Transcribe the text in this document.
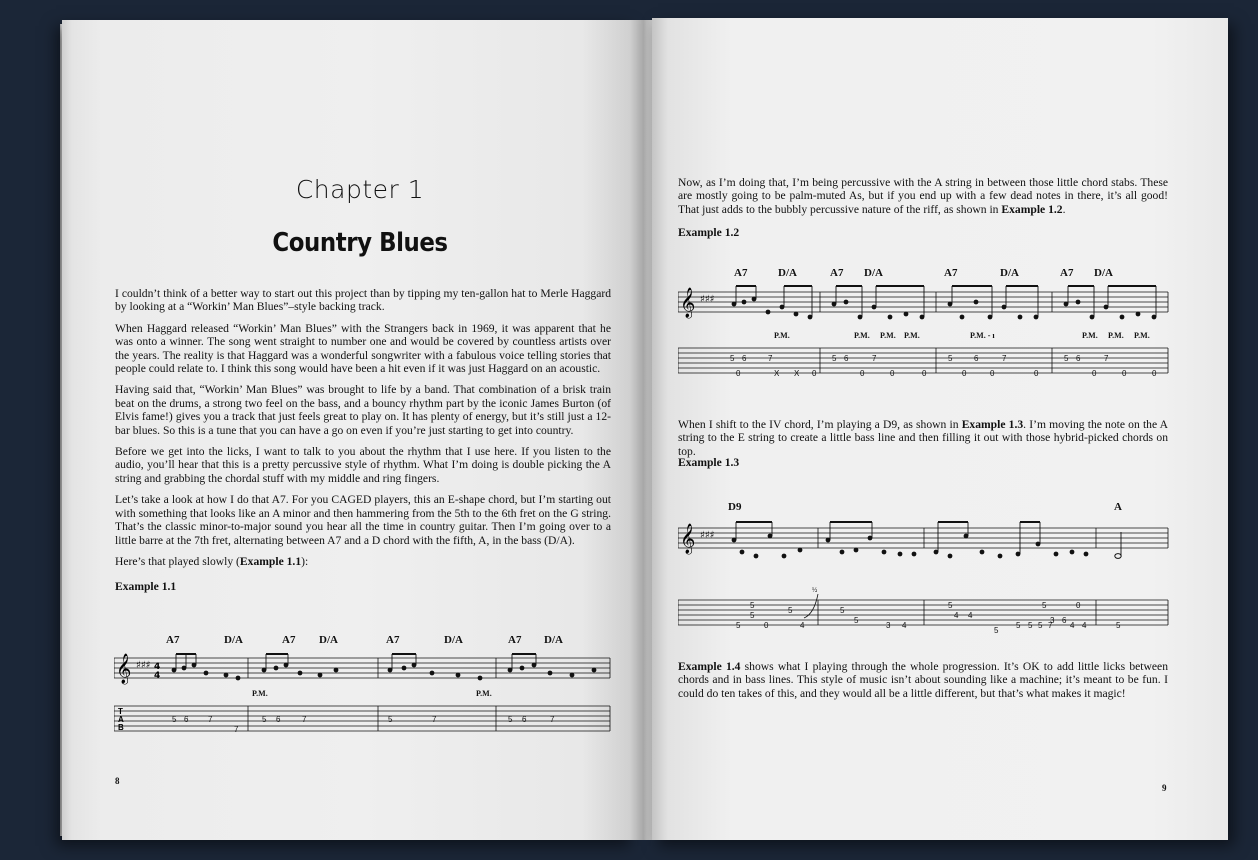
Chapter 1
Country Blues

I couldn’t think of a better way to start out this project than by tipping my ten-gallon hat to Merle Haggard by looking at a “Workin’ Man Blues”–style backing track.

When Haggard released “Workin’ Man Blues” with the Strangers back in 1969, it was apparent that he was onto a winner. The song went straight to number one and would be covered by countless artists over the years. The reality is that Haggard was a wonderful songwriter with a fabulous voice telling stories that people could relate to. I think this song would have been a hit even if it was just Haggard on an acoustic.

Having said that, “Workin’ Man Blues” was brought to life by a band. That combination of a brisk train beat on the drums, a strong two feel on the bass, and a bouncy rhythm part by the iconic James Burton (of Elvis fame!) gives you a track that just feels great to play on. It has plenty of energy, but it’s still just a 12-bar blues. So this is a tune that you can have a go on even if you’re just starting to get into country.

Before we get into the licks, I want to talk to you about the rhythm that I use here. If you listen to the audio, you’ll hear that this is a pretty percussive style of rhythm. What I’m doing is double picking the A string and grabbing the chordal stuff with my middle and ring fingers.

Let’s take a look at how I do that A7. For you CAGED players, this an E-shape chord, but I’m starting out with something that looks like an A minor and then hammering from the 5th to the 6th fret on the G string. That’s the classic minor-to-major sound you hear all the time in country guitar. Then I’m going over to a little barre at the 7th fret, alternating between A7 and a D chord with the fifth, A, in the bass (D/A).

Here’s that played slowly (Example 1.1):

Example 1.1

𝄞 ♯♯♯ 4
4
A7	D/A	A7 D/A	A7	D/A	A7 D/A
P.M.	P.M.
T
A
B
5 6 7	5 6	7
7
5	7	5 6	7
8

Now, as I’m doing that, I’m being percussive with the A string in between those little chord stabs. These are mostly going to be palm-muted As, but if you end up with a few dead notes in there, it’s all good! That just adds to the bubbly percussive nature of the riff, as shown in Example 1.2.

Example 1.2
𝄞 ♯♯♯
A7	D/A	A7 D/A	A7	D/A	A7 D/A
P.M.	P.M. P.M. P.M.	P.M. - ı	P.M. P.M. P.M.
5 6	7
0	X X 0
5 6	7
0	0	0
5	6	7
0	0	0
5 6	7
0	0	0

When I shift to the IV chord, I’m playing a D9, as shown in Example 1.3. I’m moving the note on the A string to the E string to create a little bass line and then filling it out with those hybrid-picked chords on top.

Example 1.3
𝄞 ♯♯♯
D9	A
½
5
5
5	0
5
4
5
5
3 4
5
4 4
5
5
3
4
5 5 5 7
6
4
0
5

Example 1.4 shows what I playing through the whole progression. It’s OK to add little licks between chords and in bass lines. This style of music isn’t about sounding like a machine; it’s meant to be fun. I could do ten takes of this, and they would all be a little different, but that’s what makes it magic!

9
